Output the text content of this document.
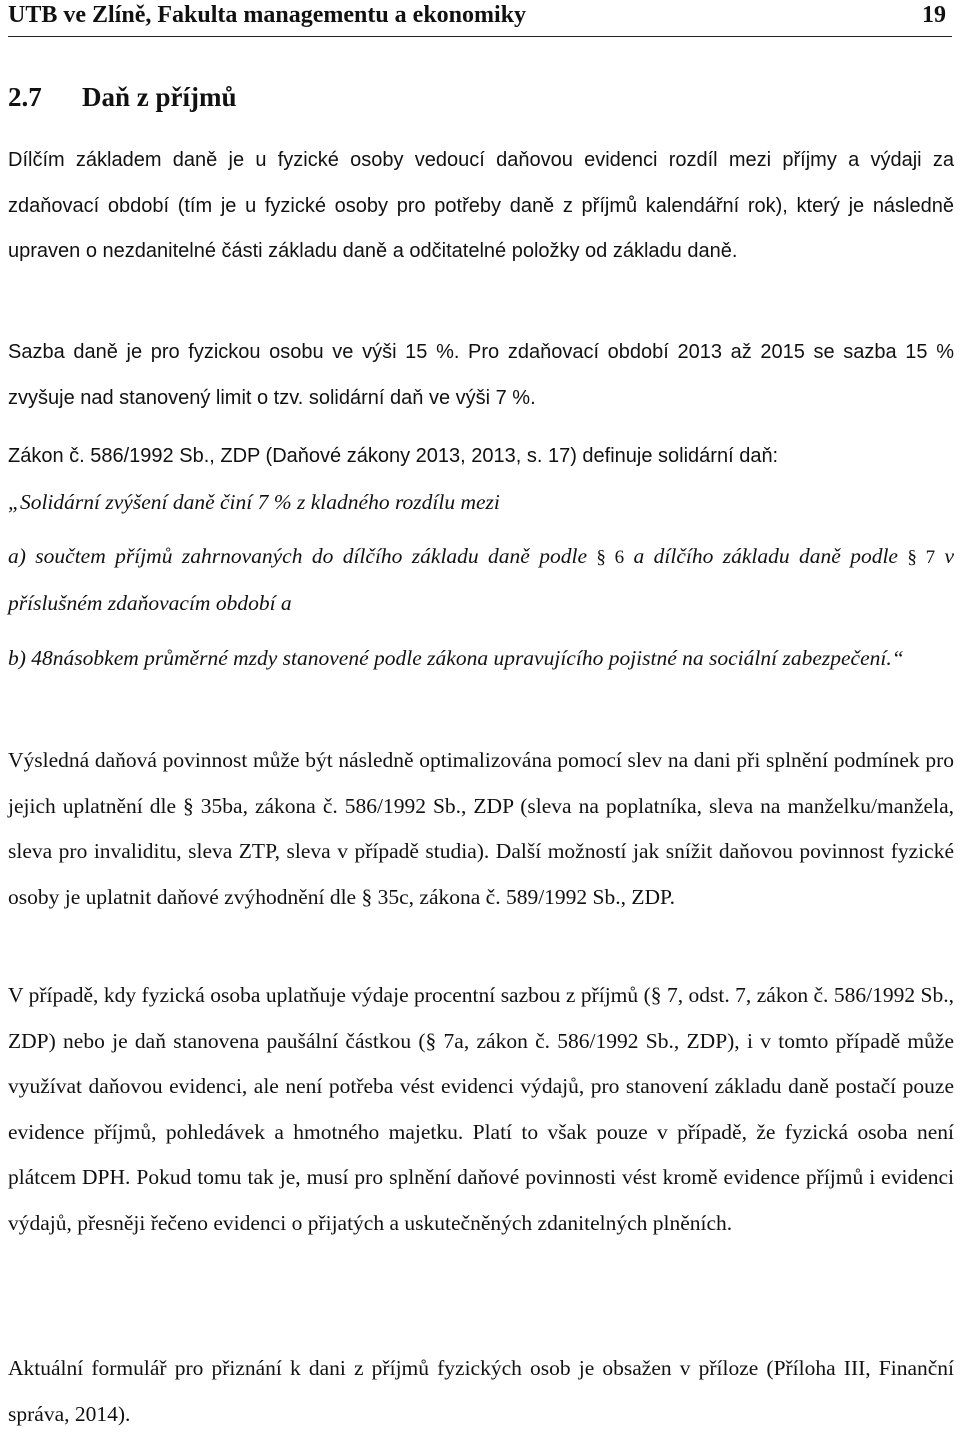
UTB ve Zlíně, Fakulta managementu a ekonomiky	19
2.7 Daň z příjmů

Dílčím základem daně je u fyzické osoby vedoucí daňovou evidenci rozdíl mezi příjmy a výdaji za zdaňovací období (tím je u fyzické osoby pro potřeby daně z příjmů kalendářní rok), který je následně upraven o nezdanitelné části základu daně a odčitatelné položky od základu daně.

Sazba daně je pro fyzickou osobu ve výši 15 %. Pro zdaňovací období 2013 až 2015 se sazba 15 % zvyšuje nad stanovený limit o tzv. solidární daň ve výši 7 %.

Zákon č. 586/1992 Sb., ZDP (Daňové zákony 2013, 2013, s. 17) definuje solidární daň:
„Solidární zvýšení daně činí 7 % z kladného rozdílu mezi

a) součtem příjmů zahrnovaných do dílčího základu daně podle § 6 a dílčího základu daně podle § 7 v příslušném zdaňovacím období a

b) 48násobkem průměrné mzdy stanovené podle zákona upravujícího pojistné na sociální zabezpečení.“

Výsledná daňová povinnost může být následně optimalizována pomocí slev na dani při splnění podmínek pro jejich uplatnění dle § 35ba, zákona č. 586/1992 Sb., ZDP (sleva na poplatníka, sleva na manželku/manžela, sleva pro invaliditu, sleva ZTP, sleva v případě studia). Další možností jak snížit daňovou povinnost fyzické osoby je uplatnit daňové zvýhodnění dle § 35c, zákona č. 589/1992 Sb., ZDP.

V případě, kdy fyzická osoba uplatňuje výdaje procentní sazbou z příjmů (§ 7, odst. 7, zákon č. 586/1992 Sb., ZDP) nebo je daň stanovena paušální částkou (§ 7a, zákon č. 586/1992 Sb., ZDP), i v tomto případě může využívat daňovou evidenci, ale není potřeba vést evidenci výdajů, pro stanovení základu daně postačí pouze evidence příjmů, pohledávek a hmotného majetku. Platí to však pouze v případě, že fyzická osoba není plátcem DPH. Pokud tomu tak je, musí pro splnění daňové povinnosti vést kromě evidence příjmů i evidenci výdajů, přesněji řečeno evidenci o přijatých a uskutečněných zdanitelných plněních.

Aktuální formulář pro přiznání k dani z příjmů fyzických osob je obsažen v příloze (Příloha III, Finanční správa, 2014).
